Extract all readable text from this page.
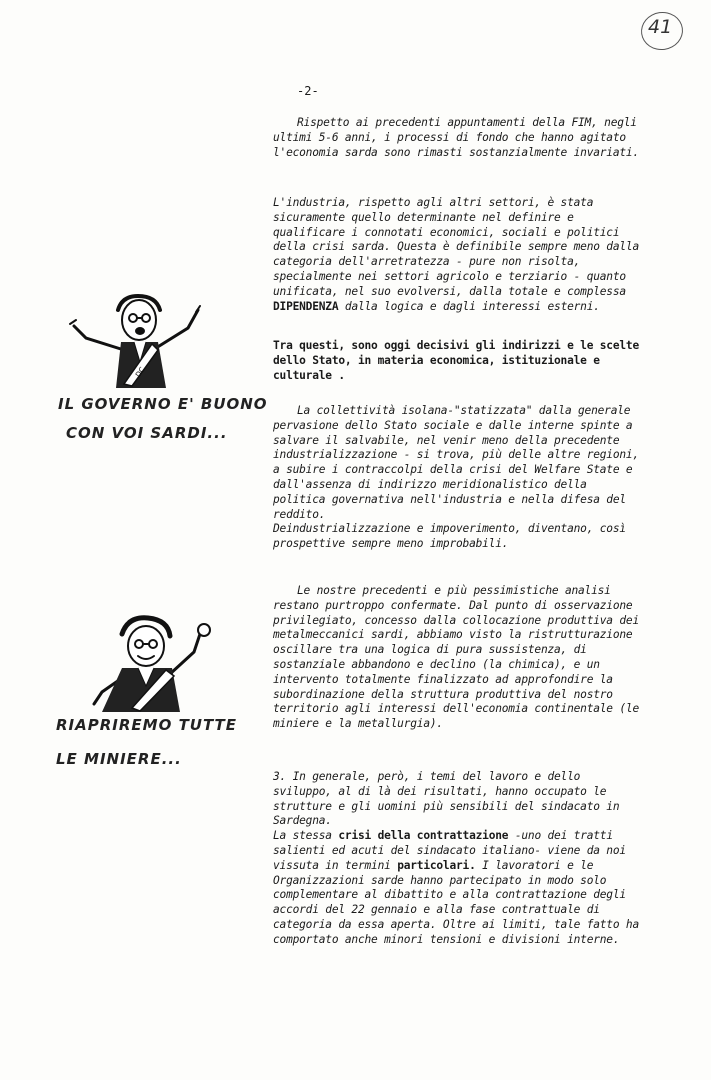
41
-2-
DC
IL GOVERNO E' BUONO
CON VOI SARDI...
RIAPRIREMO TUTTE
LE MINIERE...

Rispetto ai precedenti appuntamenti della FIM, negli ultimi 5-6 anni, i processi di fondo che hanno agitato l'economia sarda sono rimasti sostanzialmente invariati.

L'industria, rispetto agli altri settori, è stata sicuramente quello determinante nel definire e qualificare i connotati economici, sociali e politici della crisi sarda. Questa è definibile sempre meno dalla categoria dell'arretratezza - pure non risolta, specialmente nei settori agricolo e terziario - quanto unificata, nel suo evolversi, dalla totale e complessa DIPENDENZA dalla logica e dagli interessi esterni.

Tra questi, sono oggi decisivi gli indirizzi e le scelte dello Stato, in materia economica, istituzionale e culturale .

La collettività isolana-"statizzata" dalla generale pervasione dello Stato sociale e dalle interne spinte a salvare il salvabile, nel venir meno della precedente industrializzazione - si trova, più delle altre regioni, a subire i contraccolpi della crisi del Welfare State e dall'assenza di indirizzo meridionalistico della politica governativa nell'industria e nella difesa del reddito.

Deindustrializzazione e impoverimento, diventano, così prospettive sempre meno improbabili.

Le nostre precedenti e più pessimistiche analisi restano purtroppo confermate. Dal punto di osservazione privilegiato, concesso dalla collocazione produttiva dei metalmeccanici sardi, abbiamo visto la ristrutturazione oscillare tra una logica di pura sussistenza, di sostanziale abbandono e declino (la chimica), e un intervento totalmente finalizzato ad approfondire la subordinazione della struttura produttiva del nostro territorio agli interessi dell'economia continentale (le miniere e la metallurgia).

3. In generale, però, i temi del lavoro e dello sviluppo, al di là dei risultati, hanno occupato le strutture e gli uomini più sensibili del sindacato in Sardegna.

La stessa crisi della contrattazione -uno dei tratti salienti ed acuti del sindacato italiano- viene da noi vissuta in termini particolari. I lavoratori e le Organizzazioni sarde hanno partecipato in modo solo complementare al dibattito e alla contrattazione degli accordi del 22 gennaio e alla fase contrattuale di categoria da essa aperta. Oltre ai limiti, tale fatto ha comportato anche minori tensioni e divisioni interne.
